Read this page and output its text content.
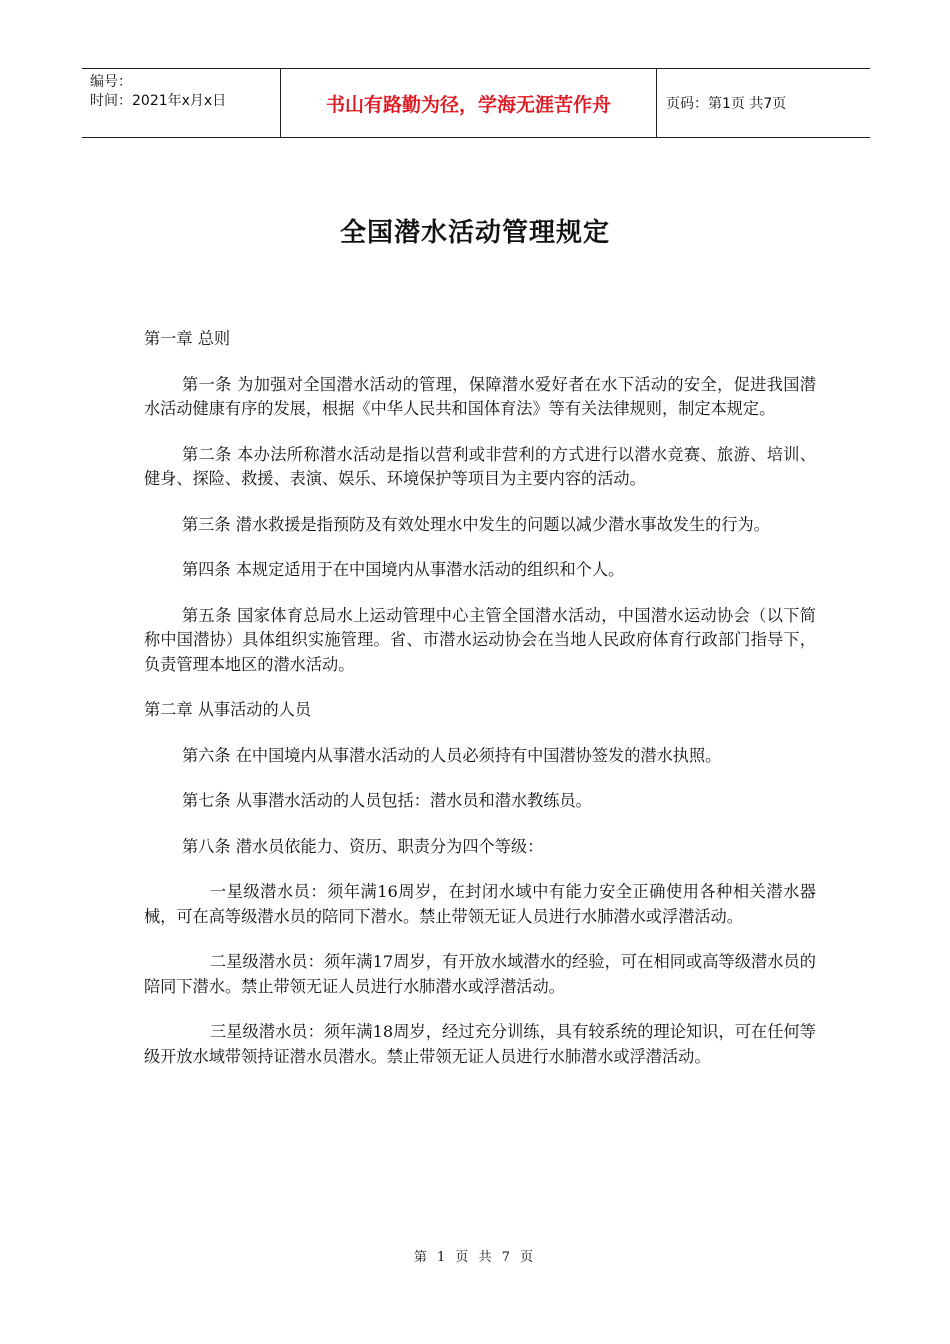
编号：
时间：2021年x月x日	书山有路勤为径，学海无涯苦作舟	页码：第1页 共7页
全国潜水活动管理规定

第一章 总则

第一条 为加强对全国潜水活动的管理，保障潜水爱好者在水下活动的安全，促进我国潜水活动健康有序的发展，根据《中华人民共和国体育法》等有关法律规则，制定本规定。

第二条 本办法所称潜水活动是指以营利或非营利的方式进行以潜水竞赛、旅游、培训、健身、探险、救援、表演、娱乐、环境保护等项目为主要内容的活动。

第三条 潜水救援是指预防及有效处理水中发生的问题以减少潜水事故发生的行为。

第四条 本规定适用于在中国境内从事潜水活动的组织和个人。

第五条 国家体育总局水上运动管理中心主管全国潜水活动，中国潜水运动协会（以下简称中国潜协）具体组织实施管理。省、市潜水运动协会在当地人民政府体育行政部门指导下，负责管理本地区的潜水活动。

第二章 从事活动的人员

第六条 在中国境内从事潜水活动的人员必须持有中国潜协签发的潜水执照。

第七条 从事潜水活动的人员包括：潜水员和潜水教练员。

第八条 潜水员依能力、资历、职责分为四个等级：

一星级潜水员：须年满16周岁，在封闭水域中有能力安全正确使用各种相关潜水器械，可在高等级潜水员的陪同下潜水。禁止带领无证人员进行水肺潜水或浮潜活动。

二星级潜水员：须年满17周岁，有开放水域潜水的经验，可在相同或高等级潜水员的陪同下潜水。禁止带领无证人员进行水肺潜水或浮潜活动。

三星级潜水员：须年满18周岁，经过充分训练，具有较系统的理论知识，可在任何等级开放水域带领持证潜水员潜水。禁止带领无证人员进行水肺潜水或浮潜活动。

第 1 页 共 7 页
